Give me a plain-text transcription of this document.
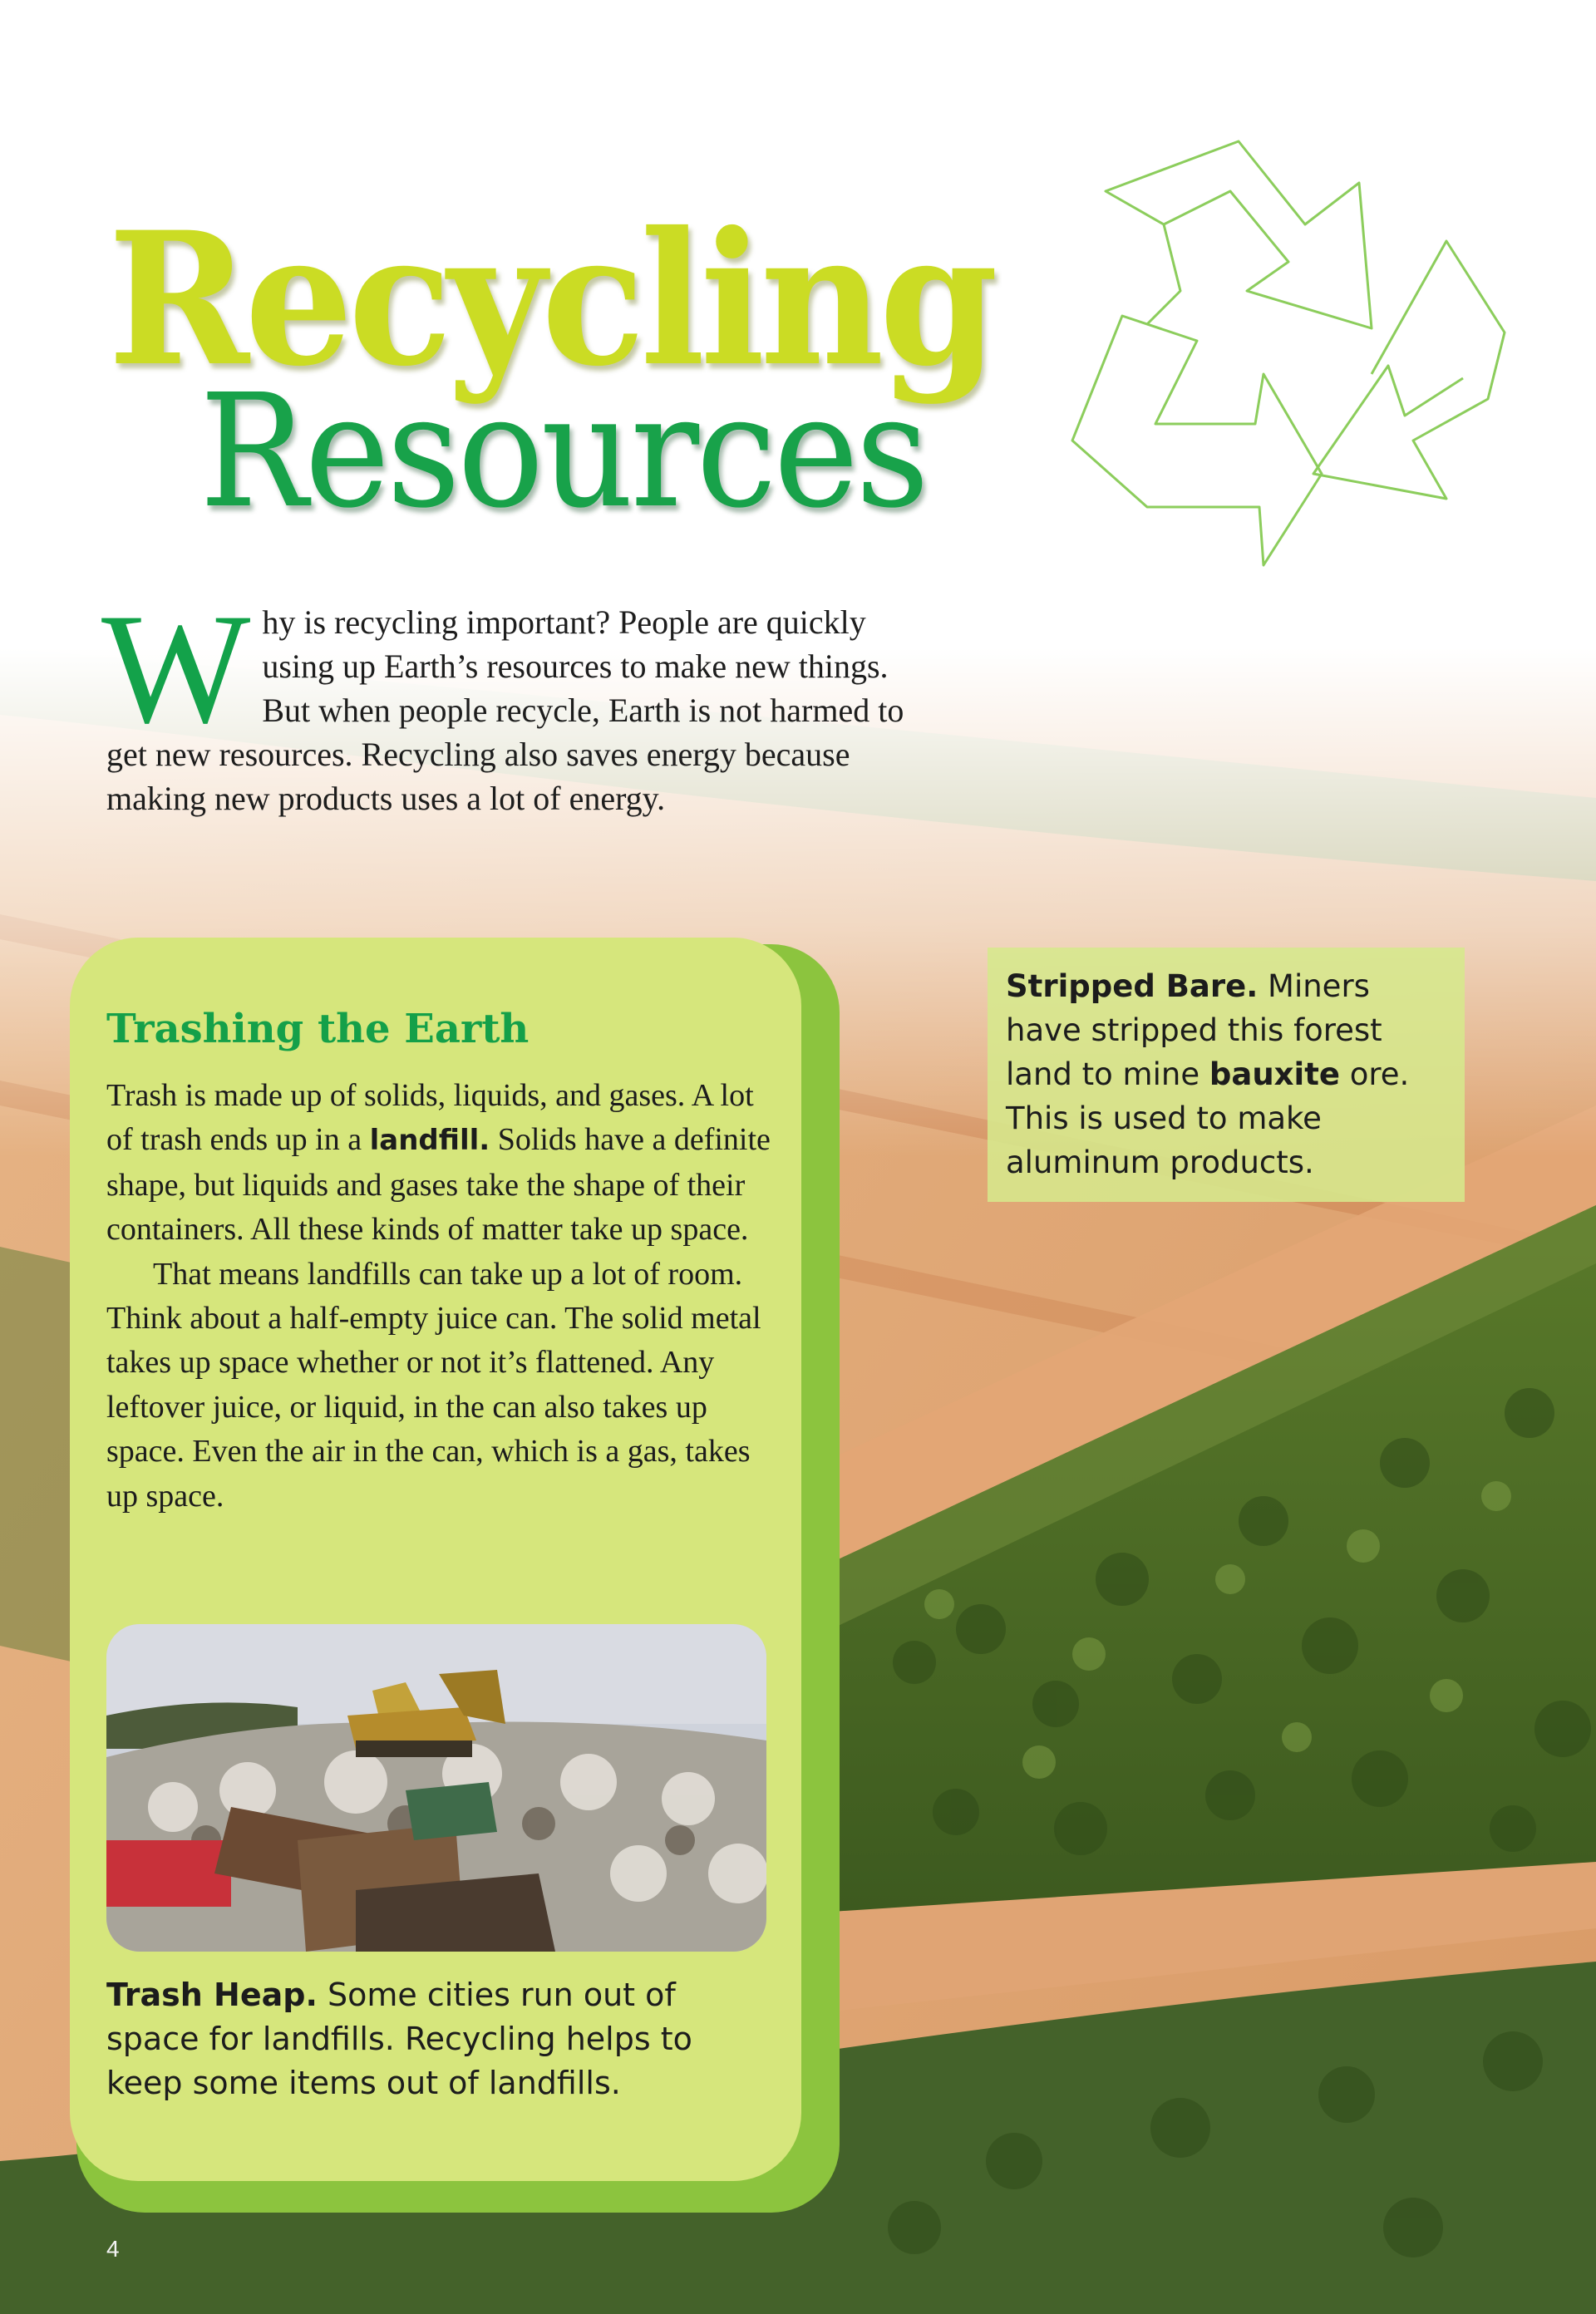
Recycling
Resources
Why is recycling important? People are quickly using up Earth’s resources to make new things. But when people recycle, Earth is not harmed to get new resources. Recycling also saves energy because making new products uses a lot of energy.
Trashing the Earth

Trash is made up of solids, liquids, and gases. A lot of trash ends up in a landfill. Solids have a definite shape, but liquids and gases take the shape of their containers. All these kinds of matter take up space.

That means landfills can take up a lot of room. Think about a half-empty juice can. The solid metal takes up space whether or not it’s flattened. Any leftover juice, or liquid, in the can also takes up space. Even the air in the can, which is a gas, takes up space.

Trash Heap. Some cities run out of space for landfills. Recycling helps to keep some items out of landfills.
Stripped Bare. Miners have stripped this forest land to mine bauxite ore. This is used to make aluminum products.
4
